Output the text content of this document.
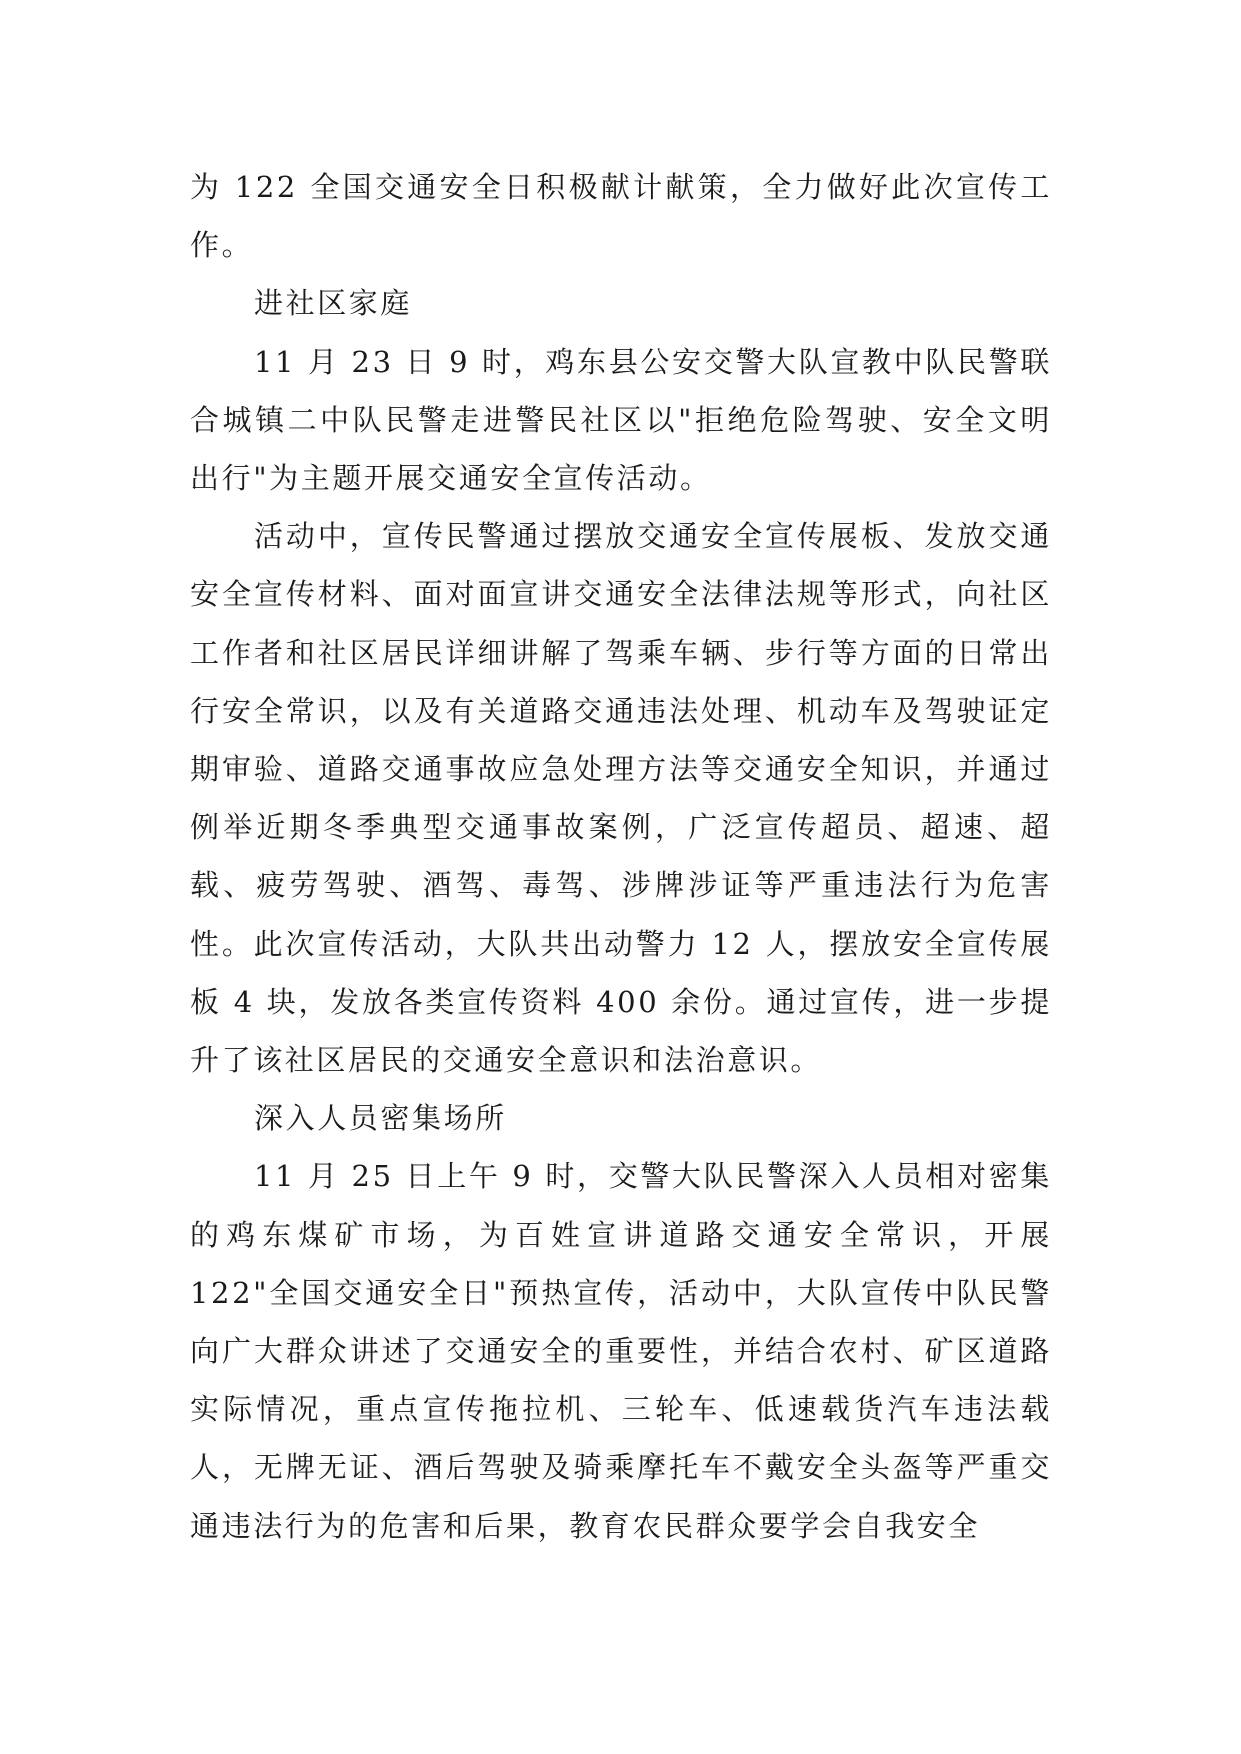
为 122 全国交通安全日积极献计献策，全力做好此次宣传工作。

进社区家庭

11 月 23 日 9 时，鸡东县公安交警大队宣教中队民警联合城镇二中队民警走进警民社区以"拒绝危险驾驶、安全文明出行"为主题开展交通安全宣传活动。

活动中，宣传民警通过摆放交通安全宣传展板、发放交通安全宣传材料、面对面宣讲交通安全法律法规等形式，向社区工作者和社区居民详细讲解了驾乘车辆、步行等方面的日常出行安全常识，以及有关道路交通违法处理、机动车及驾驶证定期审验、道路交通事故应急处理方法等交通安全知识，并通过例举近期冬季典型交通事故案例，广泛宣传超员、超速、超载、疲劳驾驶、酒驾、毒驾、涉牌涉证等严重违法行为危害性。此次宣传活动，大队共出动警力 12 人，摆放安全宣传展板 4 块，发放各类宣传资料 400 余份。通过宣传，进一步提升了该社区居民的交通安全意识和法治意识。

深入人员密集场所

11 月 25 日上午 9 时，交警大队民警深入人员相对密集的鸡东煤矿市场，为百姓宣讲道路交通安全常识，开展 122"全国交通安全日"预热宣传，活动中，大队宣传中队民警向广大群众讲述了交通安全的重要性，并结合农村、矿区道路实际情况，重点宣传拖拉机、三轮车、低速载货汽车违法载人，无牌无证、酒后驾驶及骑乘摩托车不戴安全头盔等严重交通违法行为的危害和后果，教育农民群众要学会自我安全
